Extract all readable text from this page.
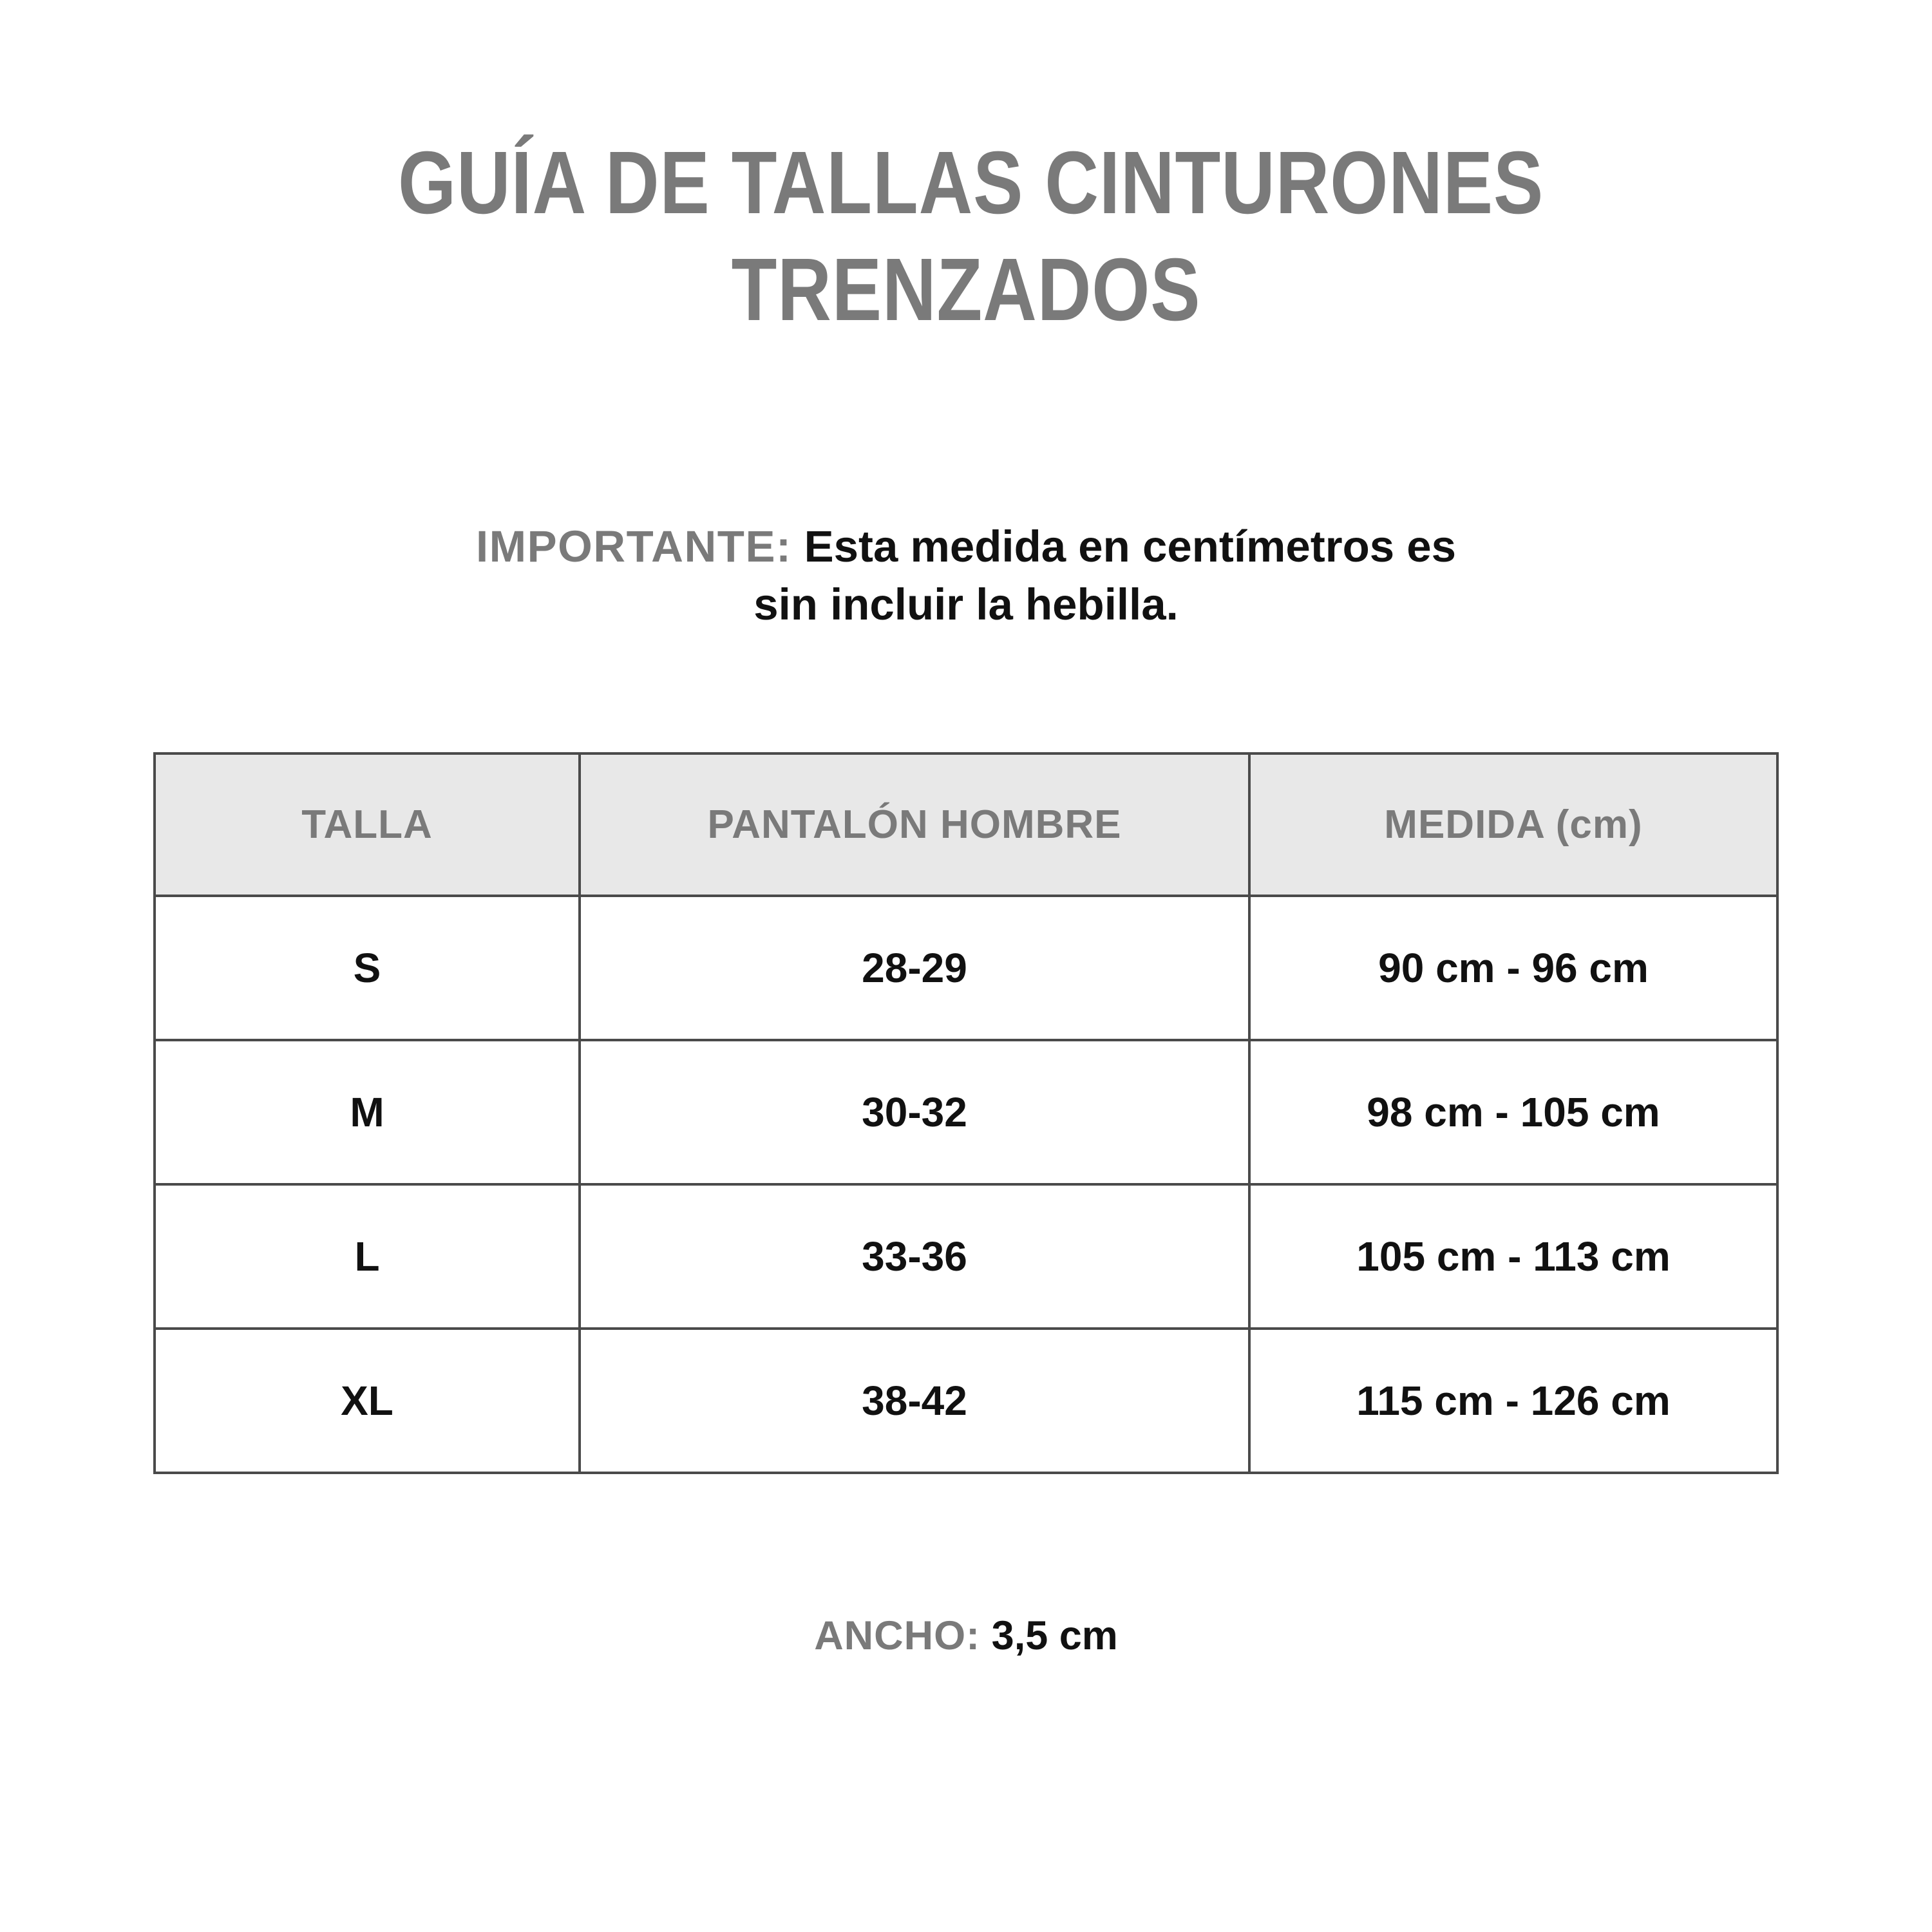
GUÍA DE TALLAS CINTURONES
TRENZADOS
IMPORTANTE: Esta medida en centímetros es
sin incluir la hebilla.
TALLA	PANTALÓN HOMBRE	MEDIDA (cm)
S	28-29	90 cm - 96 cm
M	30-32	98 cm - 105 cm
L	33-36	105 cm - 113 cm
XL	38-42	115 cm - 126 cm
ANCHO: 3,5 cm
